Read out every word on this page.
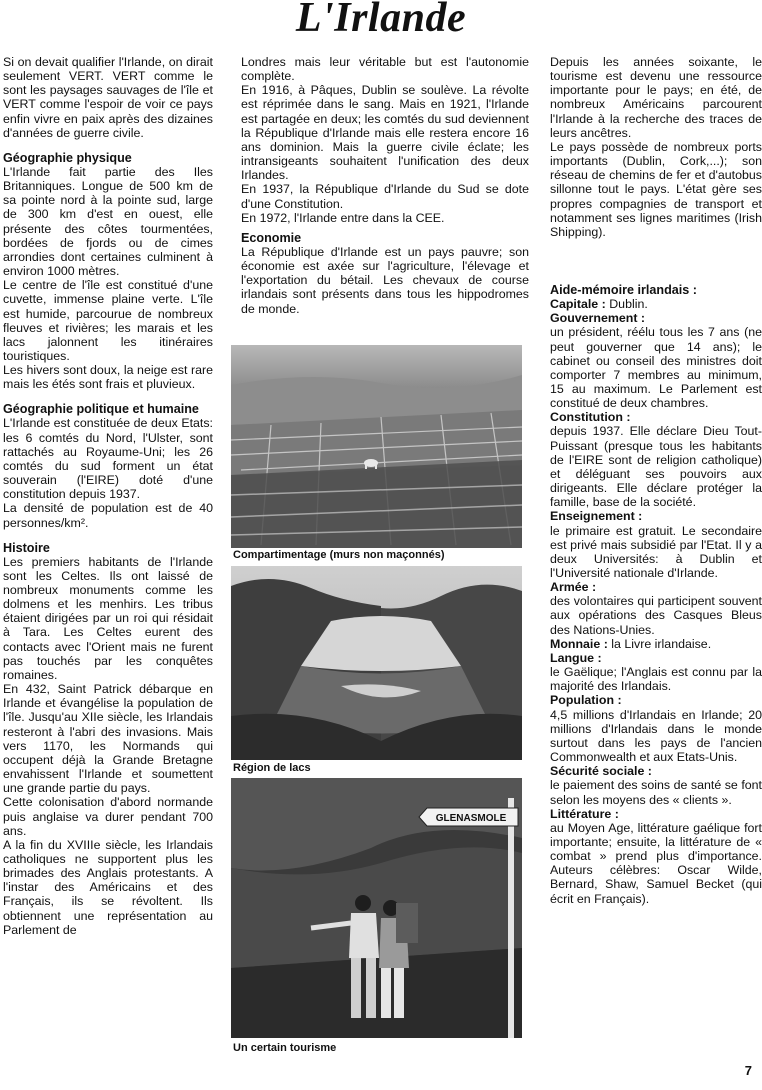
L'Irlande

Si on devait qualifier l'Irlande, on dirait seulement VERT. VERT comme le sont les paysages sauvages de l'île et VERT comme l'espoir de voir ce pays enfin vivre en paix après des dizaines d'années de guerre civile.

Géographie physique

L'Irlande fait partie des Iles Britanniques. Longue de 500 km de sa pointe nord à la pointe sud, large de 300 km d'est en ouest, elle présente des côtes tourmentées, bordées de fjords ou de cimes arrondies dont certaines culminent à environ 1000 mètres.

Le centre de l'île est constitué d'une cuvette, immense plaine verte. L'île est humide, parcourue de nombreux fleuves et rivières; les marais et les lacs jalonnent les itinéraires touristiques.

Les hivers sont doux, la neige est rare mais les étés sont frais et pluvieux.

Géographie politique et humaine

L'Irlande est constituée de deux Etats: les 6 comtés du Nord, l'Ulster, sont rattachés au Royaume-Uni; les 26 comtés du sud forment un état souverain (l'EIRE) doté d'une constitution depuis 1937.

La densité de population est de 40 personnes/km².

Histoire

Les premiers habitants de l'Irlande sont les Celtes. Ils ont laissé de nombreux monuments comme les dolmens et les menhirs. Les tribus étaient dirigées par un roi qui résidait à Tara. Les Celtes eurent des contacts avec l'Orient mais ne furent pas touchés par les conquêtes romaines.

En 432, Saint Patrick débarque en Irlande et évangélise la population de l'île. Jusqu'au XIIe siècle, les Irlandais resteront à l'abri des invasions. Mais vers 1170, les Normands qui occupent déjà la Grande Bretagne envahissent l'Irlande et soumettent une grande partie du pays.

Cette colonisation d'abord normande puis anglaise va durer pendant 700 ans.

A la fin du XVIIIe siècle, les Irlandais catholiques ne supportent plus les brimades des Anglais protestants. A l'instar des Américains et des Français, ils se révoltent. Ils obtiennent une représentation au Parlement de

Londres mais leur véritable but est l'autonomie complète.

En 1916, à Pâques, Dublin se soulève. La révolte est réprimée dans le sang. Mais en 1921, l'Irlande est partagée en deux; les comtés du sud deviennent la République d'Irlande mais elle restera encore 16 ans dominion. Mais la guerre civile éclate; les intransigeants souhaitent l'unification des deux Irlandes.

En 1937, la République d'Irlande du Sud se dote d'une Constitution.

En 1972, l'Irlande entre dans la CEE.

Economie

La République d'Irlande est un pays pauvre; son économie est axée sur l'agriculture, l'élevage et l'exportation du bétail. Les chevaux de course irlandais sont présents dans tous les hippodromes de monde.

Compartimentage (murs non maçonnés)
Région de lacs
GLENASMOLE
Un certain tourisme

Depuis les années soixante, le tourisme est devenu une ressource importante pour le pays; en été, de nombreux Américains parcourent l'Irlande à la recherche des traces de leurs ancêtres.

Le pays possède de nombreux ports importants (Dublin, Cork,...); son réseau de chemins de fer et d'autobus sillonne tout le pays. L'état gère ses propres compagnies de transport et notamment ses lignes maritimes (Irish Shipping).

Aide-mémoire irlandais :

Capitale : Dublin.

Gouvernement :

un président, réélu tous les 7 ans (ne peut gouverner que 14 ans); le cabinet ou conseil des ministres doit comporter 7 membres au minimum, 15 au maximum. Le Parlement est constitué de deux chambres.

Constitution :

depuis 1937. Elle déclare Dieu Tout-Puissant (presque tous les habitants de l'EIRE sont de religion catholique) et déléguant ses pouvoirs aux dirigeants. Elle déclare protéger la famille, base de la société.

Enseignement :

le primaire est gratuit. Le secondaire est privé mais subsidié par l'Etat. Il y a deux Universités: à Dublin et l'Université nationale d'Irlande.

Armée :

des volontaires qui participent souvent aux opérations des Casques Bleus des Nations-Unies.

Monnaie : la Livre irlandaise.

Langue :

le Gaëlique; l'Anglais est connu par la majorité des Irlandais.

Population :

4,5 millions d'Irlandais en Irlande; 20 millions d'Irlandais dans le monde surtout dans les pays de l'ancien Commonwealth et aux Etats-Unis.

Sécurité sociale :

le paiement des soins de santé se font selon les moyens des « clients ».

Littérature :

au Moyen Age, littérature gaélique fort importante; ensuite, la littérature de « combat » prend plus d'importance. Auteurs célèbres: Oscar Wilde, Bernard, Shaw, Samuel Becket (qui écrit en Français).

7
